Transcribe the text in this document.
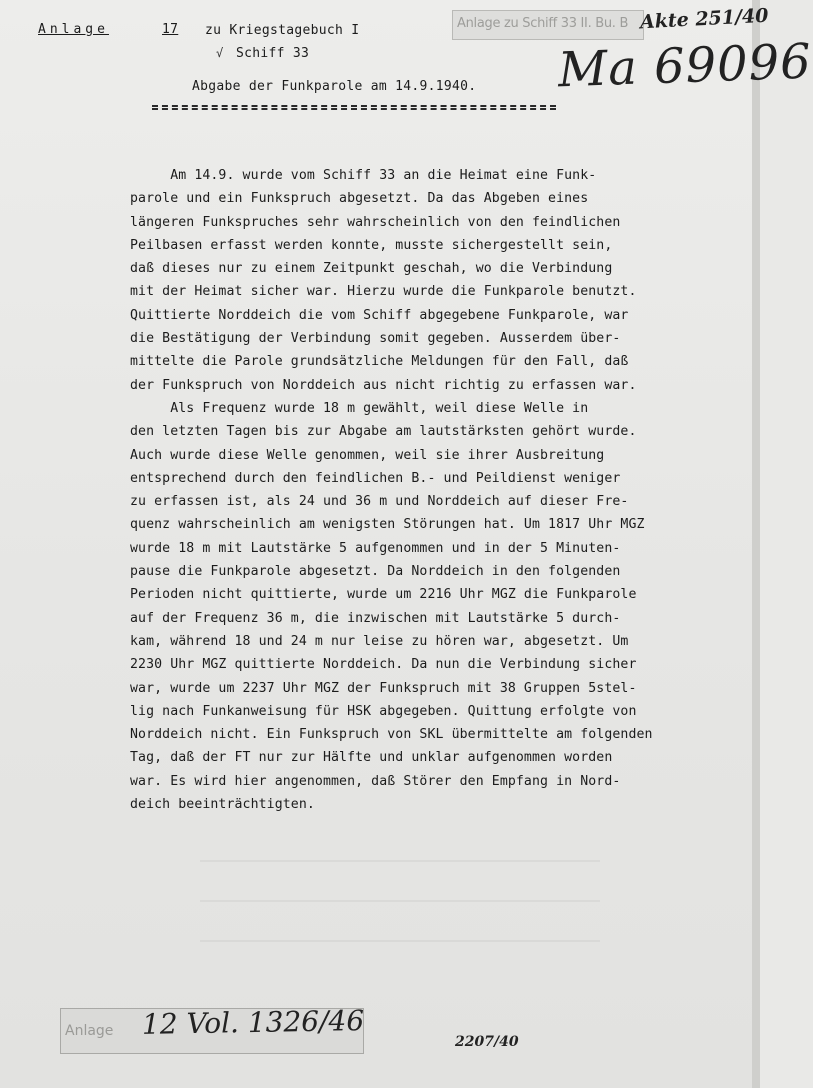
Anlage zu Schiff 33 II. Bu. B Akte 251/40
Ma 69096
Anlage	17 zu Kriegstagebuch I
√ Schiff 33
Abgabe der Funkparole am 14.9.1940.
Am 14.9. wurde vom Schiff 33 an die Heimat eine Funk-
parole und ein Funkspruch abgesetzt. Da das Abgeben eines
längeren Funkspruches sehr wahrscheinlich von den feindlichen
Peilbasen erfasst werden konnte, musste sichergestellt sein,
daß dieses nur zu einem Zeitpunkt geschah, wo die Verbindung
mit der Heimat sicher war. Hierzu wurde die Funkparole benutzt.
Quittierte Norddeich die vom Schiff abgegebene Funkparole, war
die Bestätigung der Verbindung somit gegeben. Ausserdem über-
mittelte die Parole grundsätzliche Meldungen für den Fall, daß
der Funkspruch von Norddeich aus nicht richtig zu erfassen war.
Als Frequenz wurde 18 m gewählt, weil diese Welle in
den letzten Tagen bis zur Abgabe am lautstärksten gehört wurde.
Auch wurde diese Welle genommen, weil sie ihrer Ausbreitung
entsprechend durch den feindlichen B.- und Peildienst weniger
zu erfassen ist, als 24 und 36 m und Norddeich auf dieser Fre-
quenz wahrscheinlich am wenigsten Störungen hat. Um 1817 Uhr MGZ
wurde 18 m mit Lautstärke 5 aufgenommen und in der 5 Minuten-
pause die Funkparole abgesetzt. Da Norddeich in den folgenden
Perioden nicht quittierte, wurde um 2216 Uhr MGZ die Funkparole
auf der Frequenz 36 m, die inzwischen mit Lautstärke 5 durch-
kam, während 18 und 24 m nur leise zu hören war, abgesetzt. Um
2230 Uhr MGZ quittierte Norddeich. Da nun die Verbindung sicher
war, wurde um 2237 Uhr MGZ der Funkspruch mit 38 Gruppen 5stel-
lig nach Funkanweisung für HSK abgegeben. Quittung erfolgte von
Norddeich nicht. Ein Funkspruch von SKL übermittelte am folgenden
Tag, daß der FT nur zur Hälfte und unklar aufgenommen worden
war. Es wird hier angenommen, daß Störer den Empfang in Nord-
deich beeinträchtigten.
Anlage	12 Vol. 1326/46
2207/40
